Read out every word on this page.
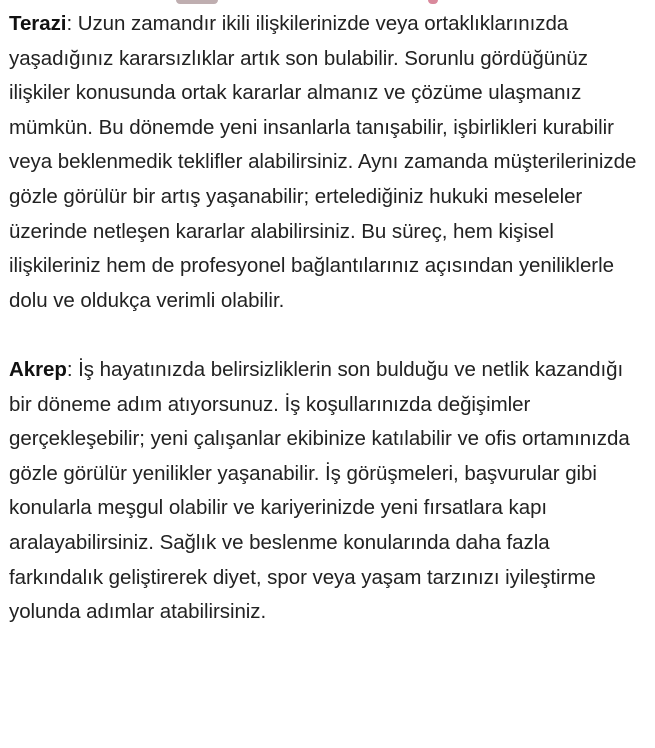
Terazi: Uzun zamandır ikili ilişkilerinizde veya ortaklıklarınızda yaşadığınız kararsızlıklar artık son bulabilir. Sorunlu gördüğünüz ilişkiler konusunda ortak kararlar almanız ve çözüme ulaşmanız mümkün. Bu dönemde yeni insanlarla tanışabilir, işbirlikleri kurabilir veya beklenmedik teklifler alabilirsiniz. Aynı zamanda müşterilerinizde gözle görülür bir artış yaşanabilir; ertelediğiniz hukuki meseleler üzerinde netleşen kararlar alabilirsiniz. Bu süreç, hem kişisel ilişkileriniz hem de profesyonel bağlantılarınız açısından yeniliklerle dolu ve oldukça verimli olabilir.

Akrep: İş hayatınızda belirsizliklerin son bulduğu ve netlik kazandığı bir döneme adım atıyorsunuz. İş koşullarınızda değişimler gerçekleşebilir; yeni çalışanlar ekibinize katılabilir ve ofis ortamınızda gözle görülür yenilikler yaşanabilir. İş görüşmeleri, başvurular gibi konularla meşgul olabilir ve kariyerinizde yeni fırsatlara kapı aralayabilirsiniz. Sağlık ve beslenme konularında daha fazla farkındalık geliştirerek diyet, spor veya yaşam tarzınızı iyileştirme yolunda adımlar atabilirsiniz.
